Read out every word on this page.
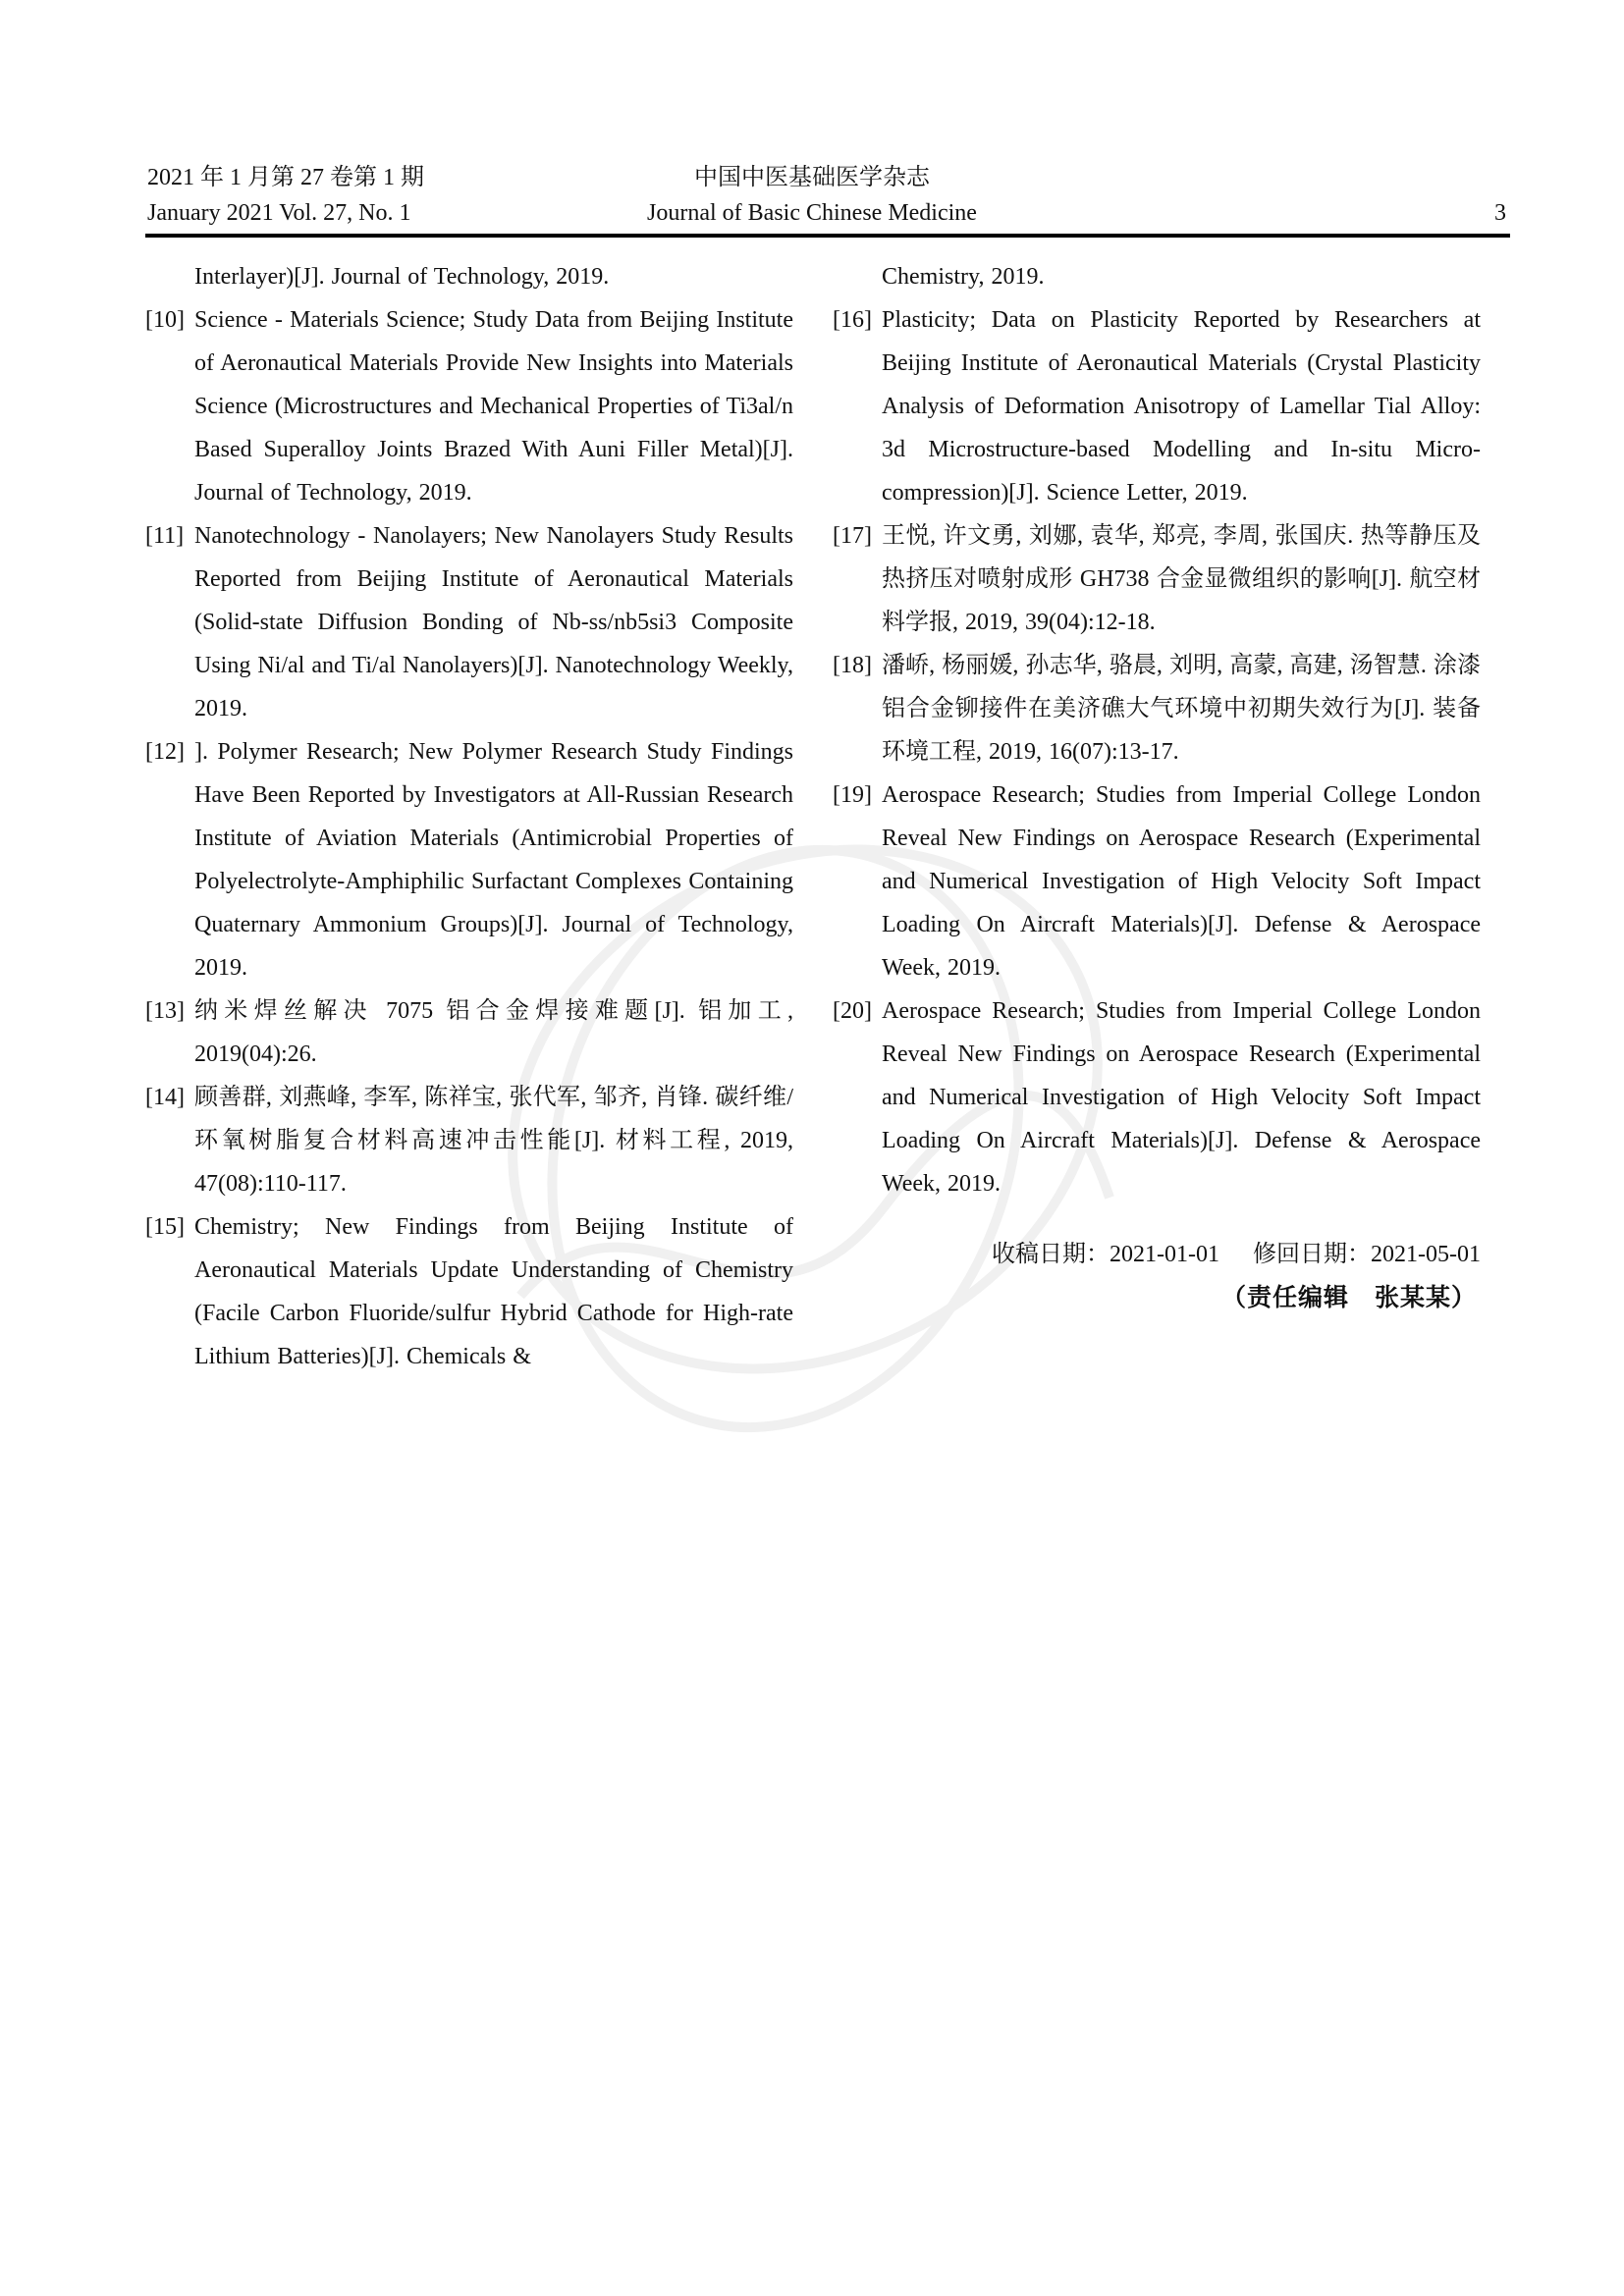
2021 年 1 月第 27 卷第 1 期
January 2021 Vol. 27, No. 1
中国中医基础医学杂志
Journal of Basic Chinese Medicine	3
Interlayer)[J]. Journal of Technology, 2019.
[10] Science - Materials Science; Study Data from Beijing Institute of Aeronautical Materials Provide New Insights into Materials Science (Microstructures and Mechanical Properties of Ti3al/n Based Superalloy Joints Brazed With Auni Filler Metal)[J]. Journal of Technology, 2019.
[11] Nanotechnology - Nanolayers; New Nanolayers Study Results Reported from Beijing Institute of Aeronautical Materials (Solid-state Diffusion Bonding of Nb-ss/nb5si3 Composite Using Ni/al and Ti/al Nanolayers)[J]. Nanotechnology Weekly, 2019.
[12] ]. Polymer Research; New Polymer Research Study Findings Have Been Reported by Investigators at All-Russian Research Institute of Aviation Materials (Antimicrobial Properties of Polyelectrolyte-Amphiphilic Surfactant Complexes Containing Quaternary Ammonium Groups)[J]. Journal of Technology, 2019.
[13] 纳米焊丝解决 7075 铝合金焊接难题[J]. 铝加工, 2019(04):26.
[14] 顾善群, 刘燕峰, 李军, 陈祥宝, 张代军, 邹齐, 肖锋. 碳纤维/环氧树脂复合材料高速冲击性能[J]. 材料工程, 2019, 47(08):110-117.
[15] Chemistry; New Findings from Beijing Institute of Aeronautical Materials Update Understanding of Chemistry (Facile Carbon Fluoride/sulfur Hybrid Cathode for High-rate Lithium Batteries)[J]. Chemicals &
Chemistry, 2019.
[16] Plasticity; Data on Plasticity Reported by Researchers at Beijing Institute of Aeronautical Materials (Crystal Plasticity Analysis of Deformation Anisotropy of Lamellar Tial Alloy: 3d Microstructure-based Modelling and In-situ Micro-compression)[J]. Science Letter, 2019.
[17] 王悦, 许文勇, 刘娜, 袁华, 郑亮, 李周, 张国庆. 热等静压及热挤压对喷射成形 GH738 合金显微组织的影响[J]. 航空材料学报, 2019, 39(04):12-18.
[18] 潘峤, 杨丽媛, 孙志华, 骆晨, 刘明, 高蒙, 高建, 汤智慧. 涂漆铝合金铆接件在美济礁大气环境中初期失效行为[J]. 装备环境工程, 2019, 16(07):13-17.
[19] Aerospace Research; Studies from Imperial College London Reveal New Findings on Aerospace Research (Experimental and Numerical Investigation of High Velocity Soft Impact Loading On Aircraft Materials)[J]. Defense & Aerospace Week, 2019.
[20] Aerospace Research; Studies from Imperial College London Reveal New Findings on Aerospace Research (Experimental and Numerical Investigation of High Velocity Soft Impact Loading On Aircraft Materials)[J]. Defense & Aerospace Week, 2019.
收稿日期：2021-01-01 修回日期：2021-05-01
（责任编辑　张某某）
